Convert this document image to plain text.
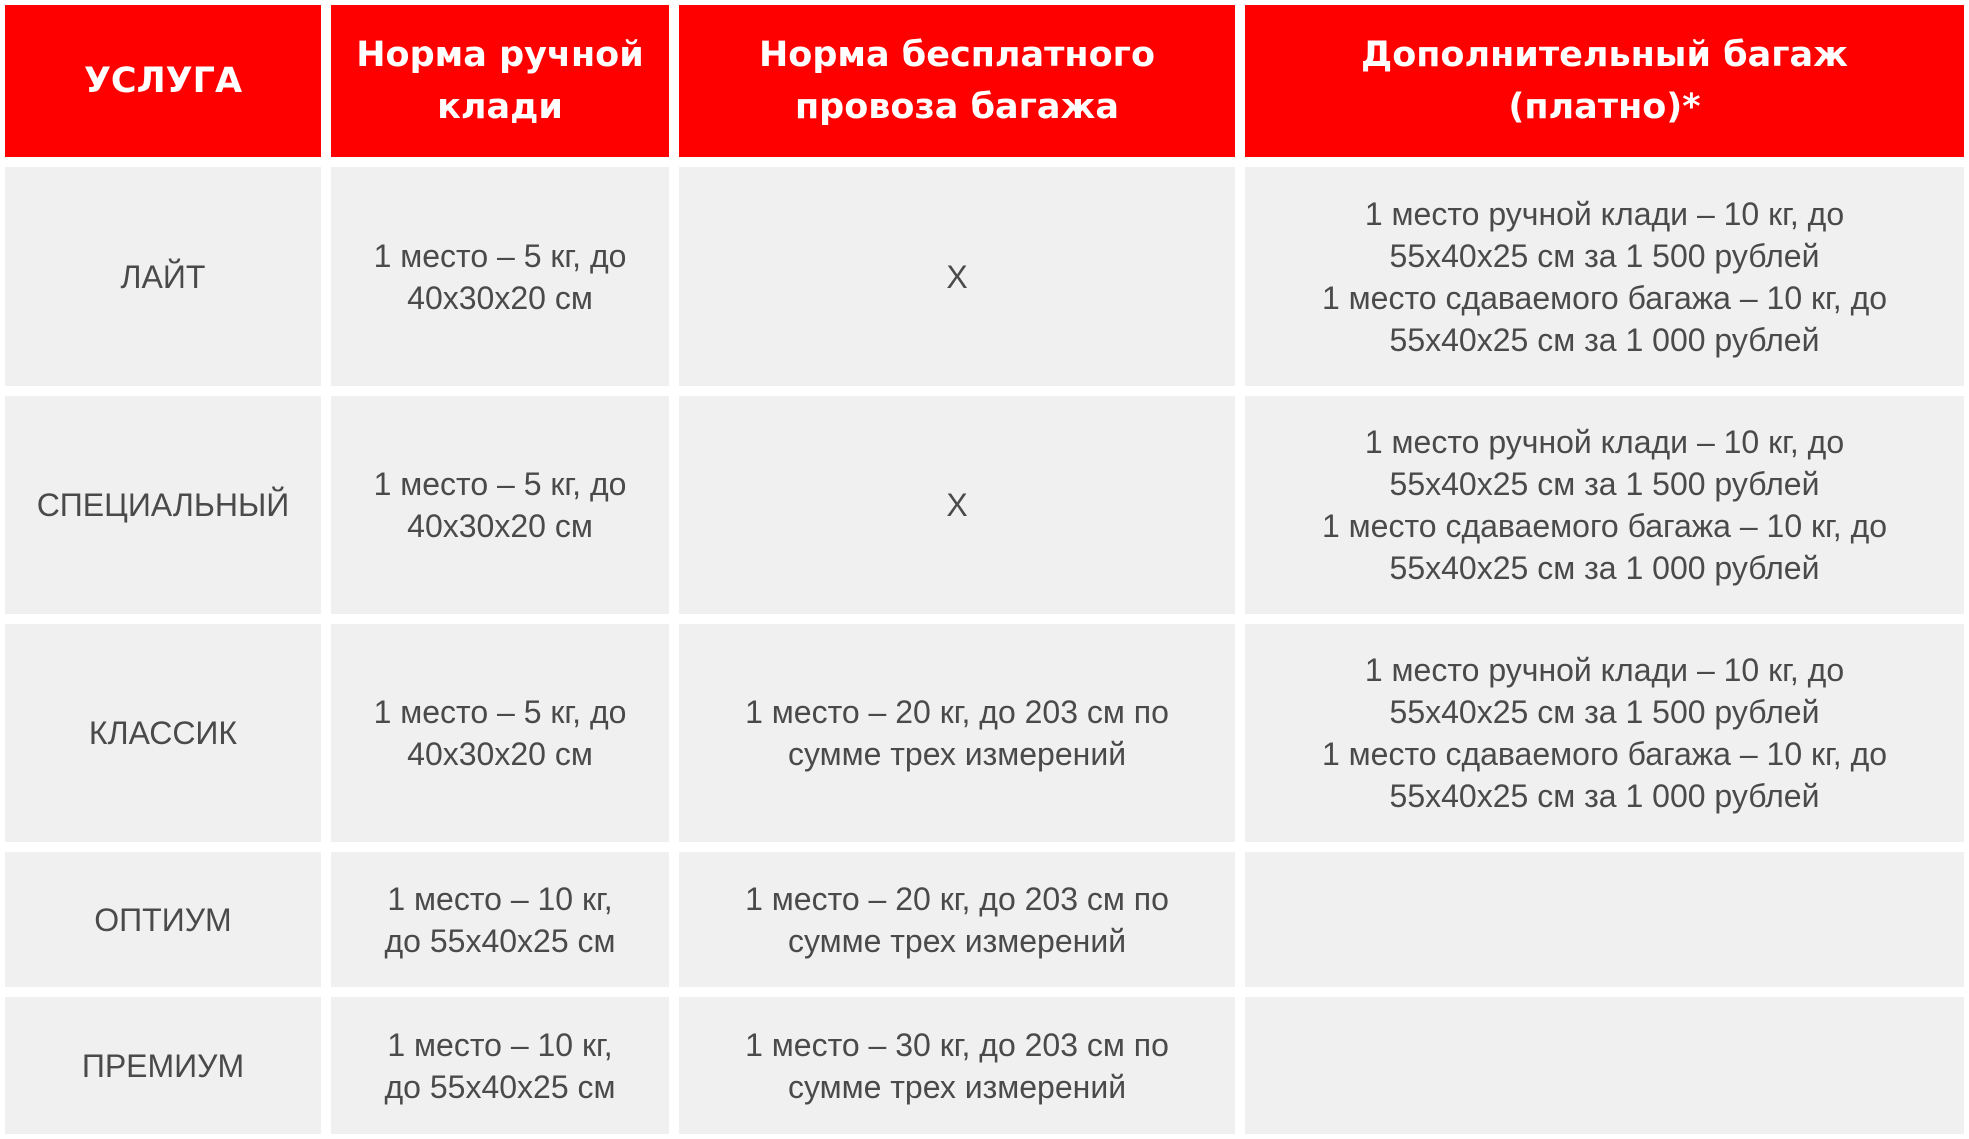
УСЛУГА
Норма ручной
клади
Норма бесплатного
провоза багажа
Дополнительный багаж
(платно)*
ЛАЙТ
1 место – 5 кг, до
40x30x20 см
Х
1 место ручной клади – 10 кг, до
55x40x25 см за 1 500 рублей
1 место сдаваемого багажа – 10 кг, до
55x40x25 см за 1 000 рублей
СПЕЦИАЛЬНЫЙ
1 место – 5 кг, до
40x30x20 см
Х
1 место ручной клади – 10 кг, до
55x40x25 см за 1 500 рублей
1 место сдаваемого багажа – 10 кг, до
55x40x25 см за 1 000 рублей
КЛАССИК
1 место – 5 кг, до
40x30x20 см
1 место – 20 кг, до 203 см по
сумме трех измерений
1 место ручной клади – 10 кг, до
55x40x25 см за 1 500 рублей
1 место сдаваемого багажа – 10 кг, до
55x40x25 см за 1 000 рублей
ОПТИУМ
1 место – 10 кг,
до 55x40x25 см
1 место – 20 кг, до 203 см по
сумме трех измерений
ПРЕМИУМ
1 место – 10 кг,
до 55x40x25 см
1 место – 30 кг, до 203 см по
сумме трех измерений
